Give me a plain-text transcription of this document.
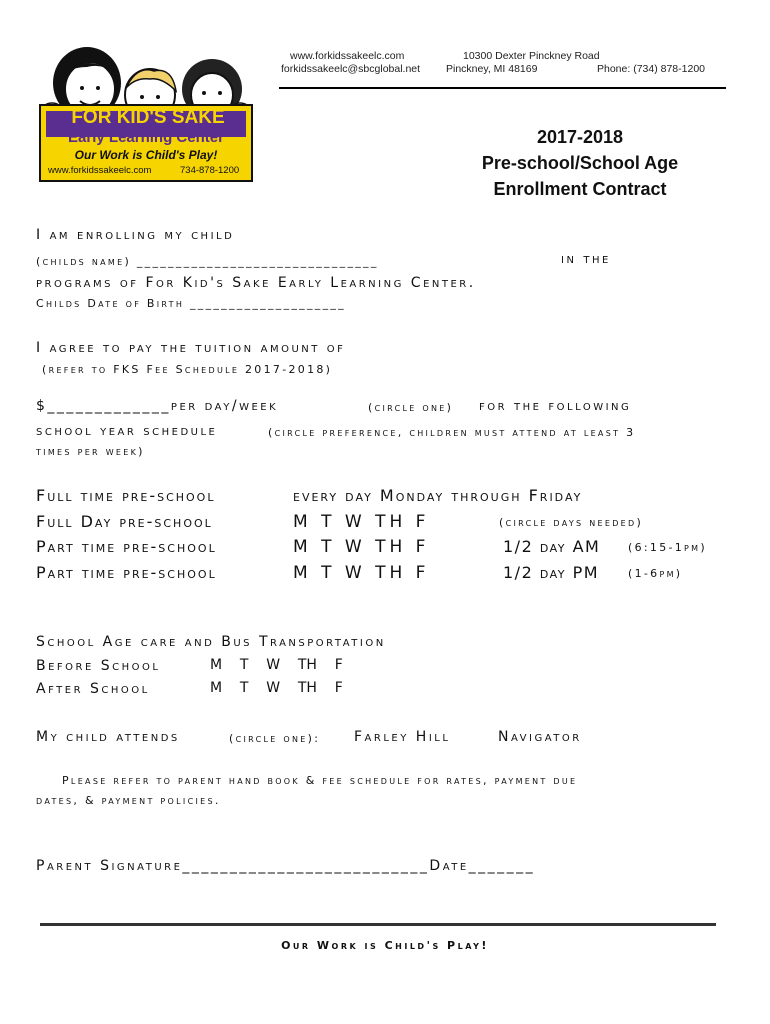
www.forkidssakeelc.com
forkidssakeelc@sbcglobal.net
10300 Dexter Pinckney Road
Pinckney, MI 48169	Phone: (734) 878-1200
FOR KID'S SAKE
Early Learning Center
Our Work is Child's Play!
www.forkidssakeelc.com	734-878-1200
2017-2018
Pre-school/School Age
Enrollment Contract
I am enrolling my child
(childs name) _______________________________	in the
programs of For Kid's Sake Early Learning Center.
Childs Date of Birth ____________________
I agree to pay the tuition amount of
(refer to FKS Fee Schedule 2017-2018)
$_____________per day/week	(circle one) for the following
school year schedule	(circle preference, children must attend at least 3
times per week)
Full time pre-school	every day Monday through Friday
Full Day pre-school	M T W TH F	(circle days needed)
Part time pre-school	M T W TH F	1/2 day AM	(6:15-1pm)
Part time pre-school	M T W TH F	1/2 day PM	(1-6pm)
School Age care and Bus Transportation
Before School	M    T    W    TH    F
After School	M    T    W    TH    F
My child attends	(circle one): Farley Hill	Navigator
Please refer to parent hand book & fee schedule for rates, payment due
dates, & payment policies.
Parent Signature__________________________Date_______
Our Work is Child's Play!
